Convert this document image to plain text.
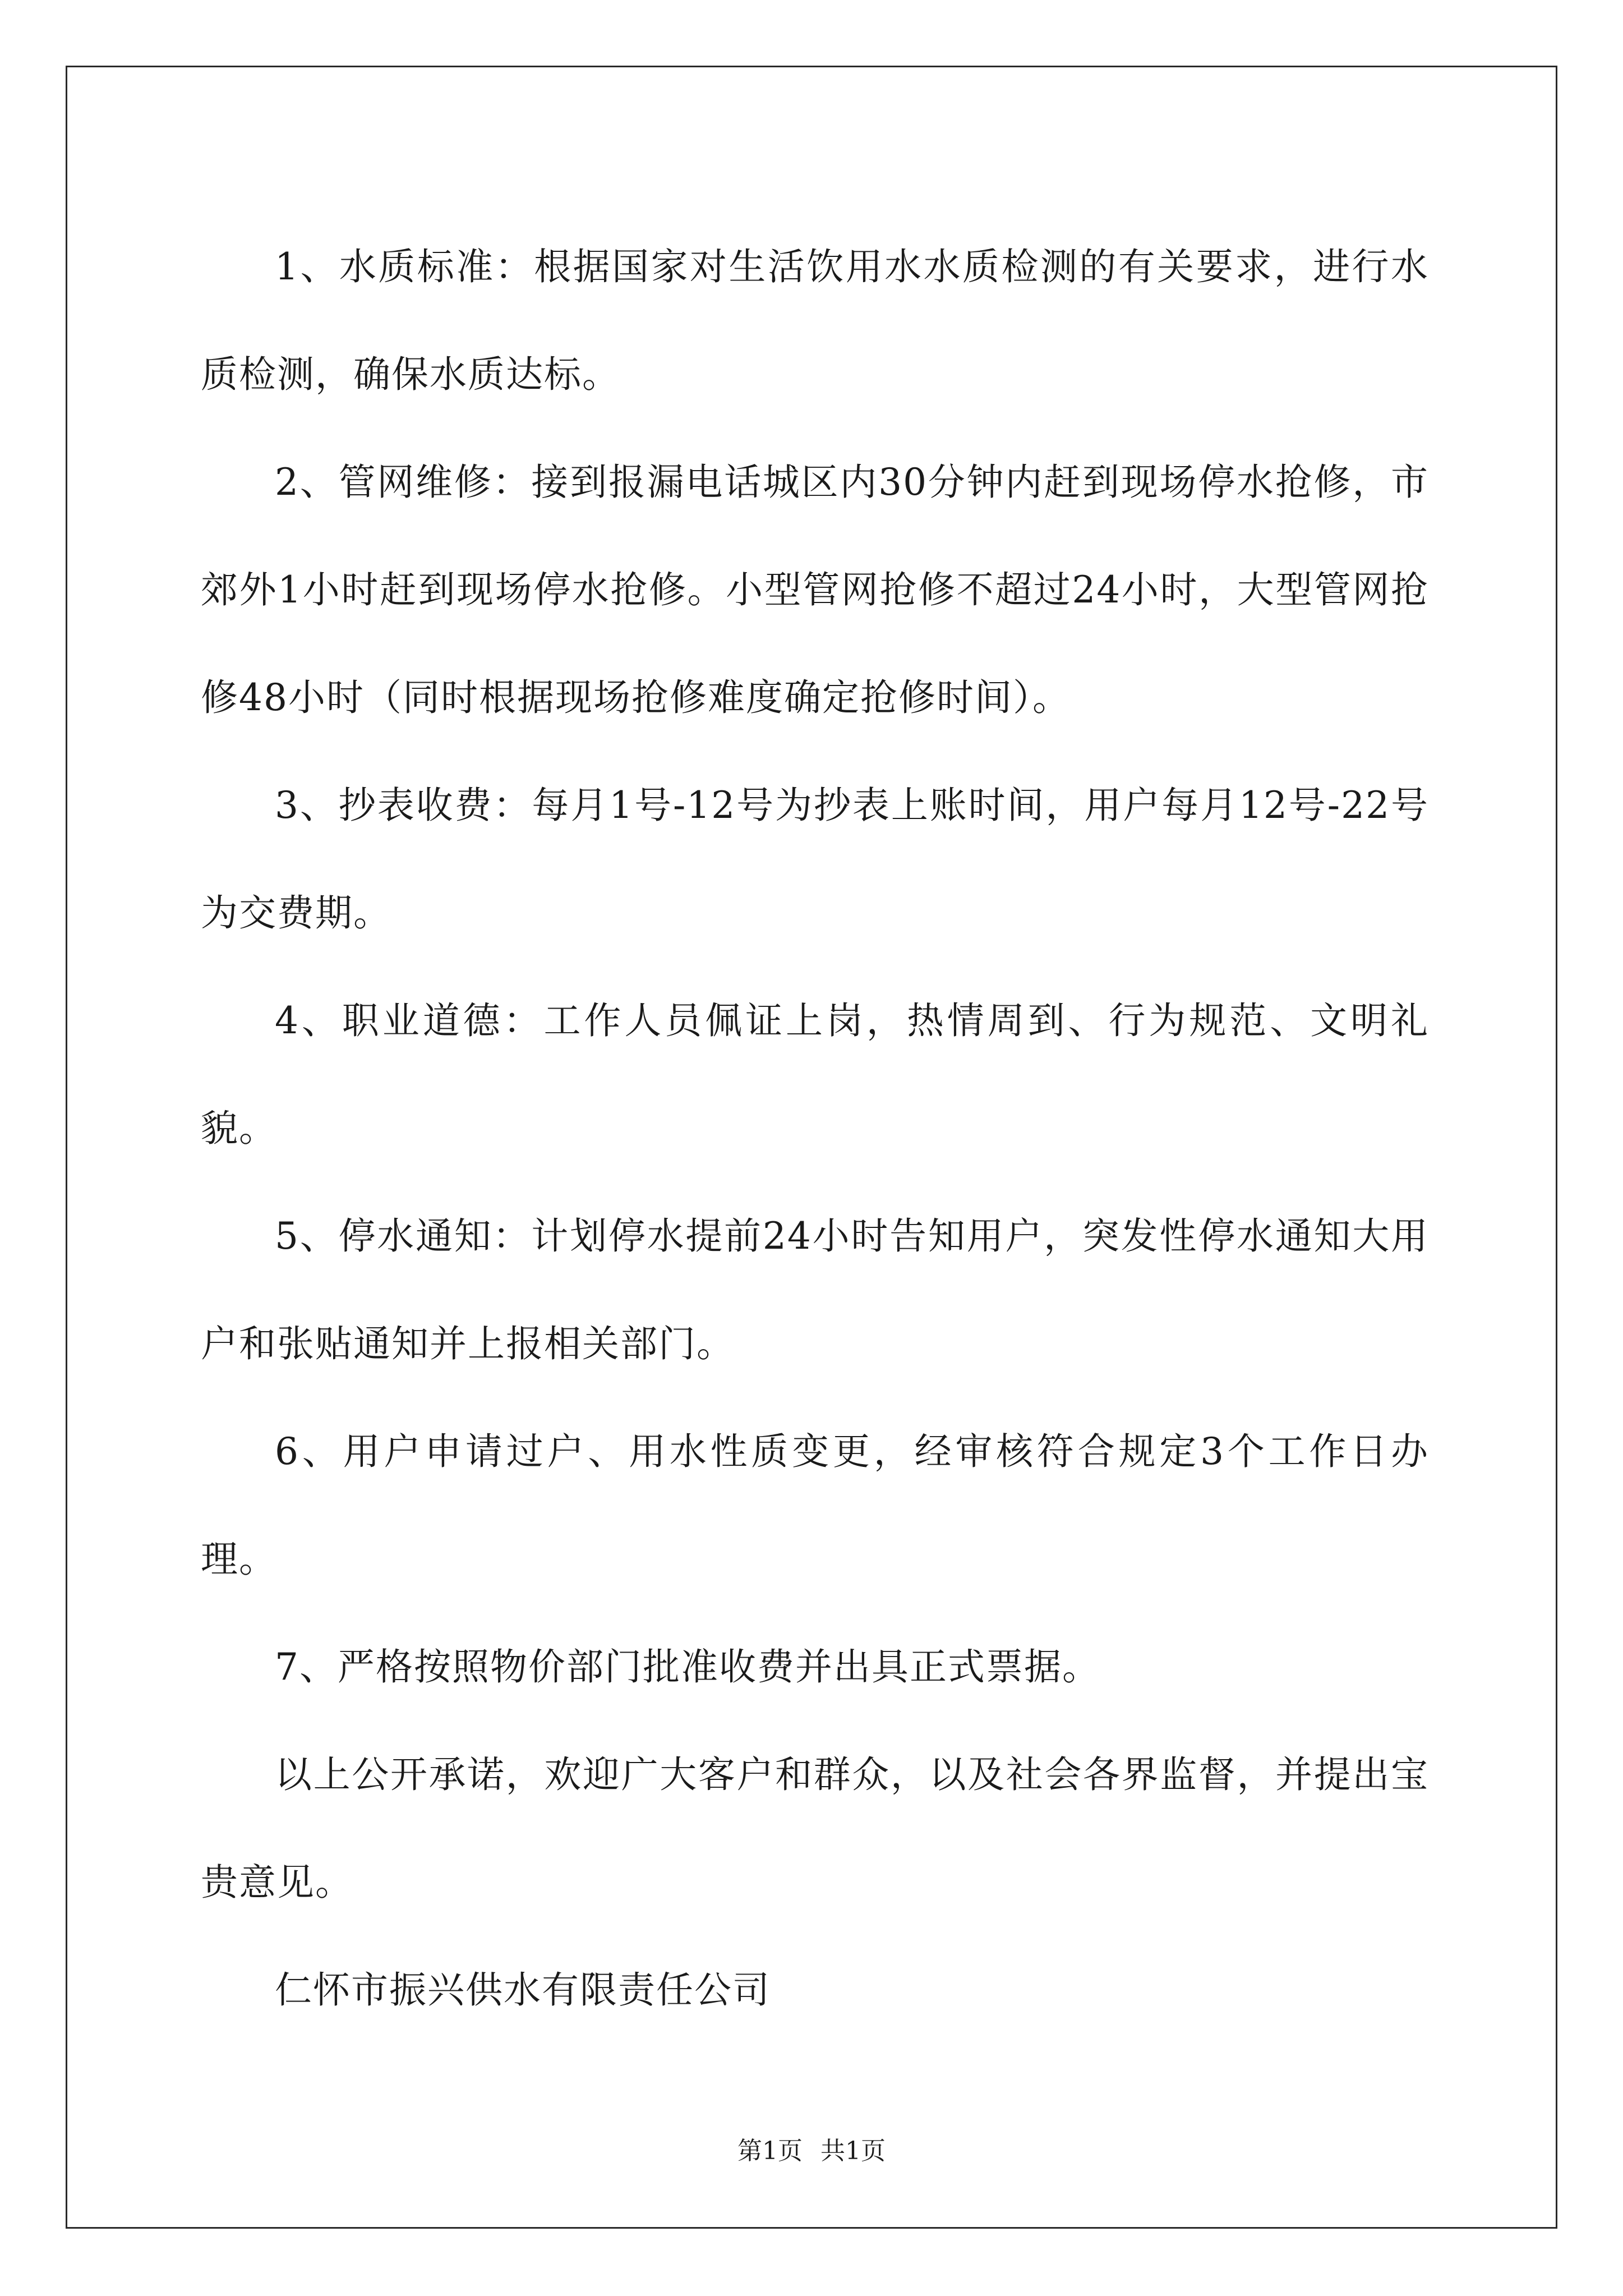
1、水质标准：根据国家对生活饮用水水质检测的有关要求，进行水质检测，确保水质达标。

2、管网维修：接到报漏电话城区内30分钟内赶到现场停水抢修，市郊外1小时赶到现场停水抢修。小型管网抢修不超过24小时，大型管网抢修48小时（同时根据现场抢修难度确定抢修时间）。

3、抄表收费：每月1号-12号为抄表上账时间，用户每月12号-22号为交费期。

4、职业道德：工作人员佩证上岗，热情周到、行为规范、文明礼貌。

5、停水通知：计划停水提前24小时告知用户，突发性停水通知大用户和张贴通知并上报相关部门。

6、用户申请过户、用水性质变更，经审核符合规定3个工作日办理。

7、严格按照物价部门批准收费并出具正式票据。

以上公开承诺，欢迎广大客户和群众，以及社会各界监督，并提出宝贵意见。

仁怀市振兴供水有限责任公司

第1页 共1页
